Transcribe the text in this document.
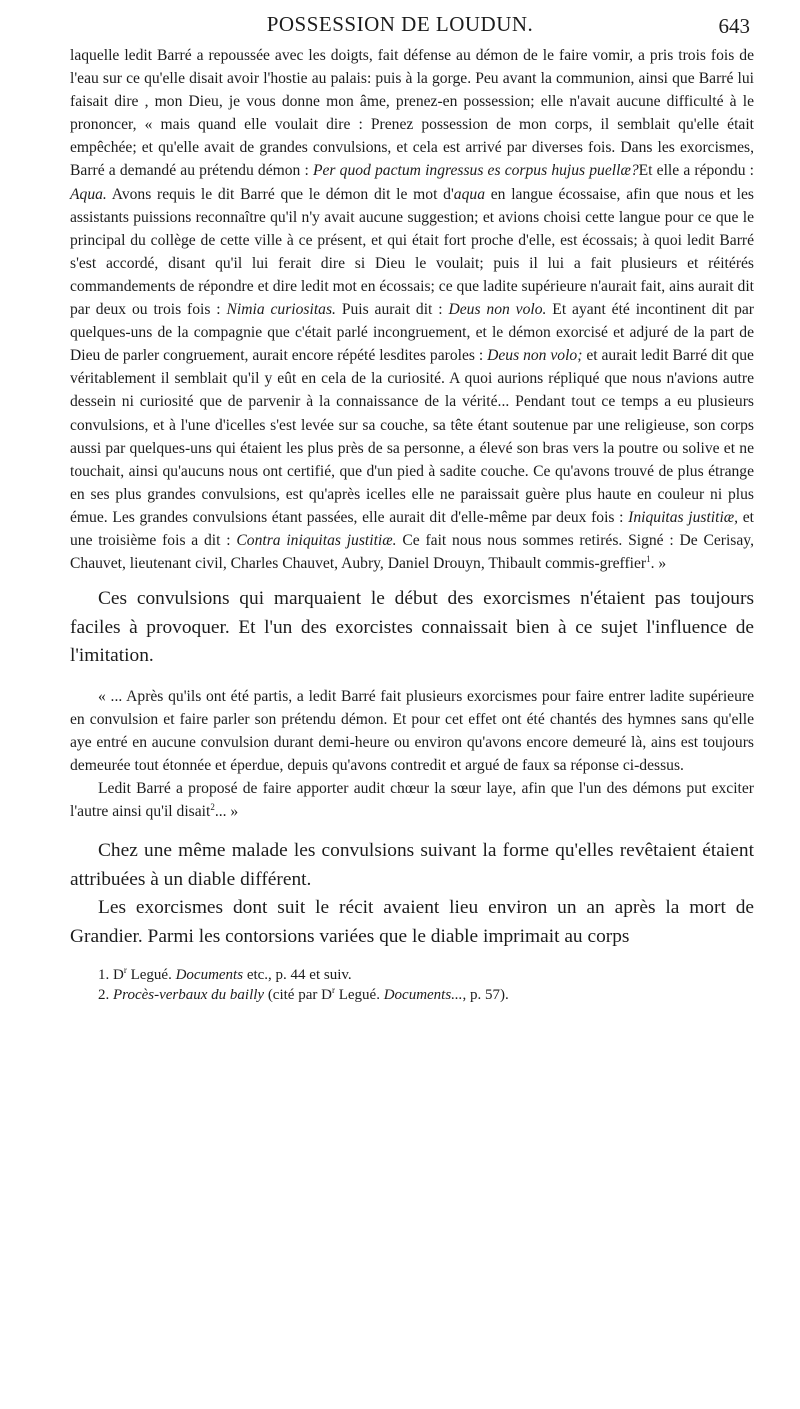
POSSESSION DE LOUDUN.	643

laquelle ledit Barré a repoussée avec les doigts, fait défense au démon de le faire vomir, a pris trois fois de l'eau sur ce qu'elle disait avoir l'hostie au palais: puis à la gorge. Peu avant la communion, ainsi que Barré lui faisait dire , mon Dieu, je vous donne mon âme, prenez-en possession; elle n'avait aucune difficulté à le prononcer, « mais quand elle voulait dire : Prenez possession de mon corps, il semblait qu'elle était empêchée; et qu'elle avait de grandes convulsions, et cela est arrivé par diverses fois. Dans les exorcismes, Barré a demandé au prétendu démon : Per quod pactum ingressus es corpus hujus puellæ?Et elle a répondu : Aqua. Avons requis le dit Barré que le démon dit le mot d'aqua en langue écossaise, afin que nous et les assistants puissions reconnaître qu'il n'y avait aucune suggestion; et avions choisi cette langue pour ce que le principal du collège de cette ville à ce présent, et qui était fort proche d'elle, est écossais; à quoi ledit Barré s'est accordé, disant qu'il lui ferait dire si Dieu le voulait; puis il lui a fait plusieurs et réitérés commandements de répondre et dire ledit mot en écossais; ce que ladite supérieure n'aurait fait, ains aurait dit par deux ou trois fois : Nimia curiositas. Puis aurait dit : Deus non volo. Et ayant été incontinent dit par quelques-uns de la compagnie que c'était parlé incongruement, et le démon exorcisé et adjuré de la part de Dieu de parler congruement, aurait encore répété lesdites paroles : Deus non volo; et aurait ledit Barré dit que véritablement il semblait qu'il y eût en cela de la curiosité. A quoi aurions répliqué que nous n'avions autre dessein ni curiosité que de parvenir à la connaissance de la vérité... Pendant tout ce temps a eu plusieurs convulsions, et à l'une d'icelles s'est levée sur sa couche, sa tête étant soutenue par une religieuse, son corps aussi par quelques-uns qui étaient les plus près de sa personne, a élevé son bras vers la poutre ou solive et ne touchait, ainsi qu'aucuns nous ont certifié, que d'un pied à sadite couche. Ce qu'avons trouvé de plus étrange en ses plus grandes convulsions, est qu'après icelles elle ne paraissait guère plus haute en couleur ni plus émue. Les grandes convulsions étant passées, elle aurait dit d'elle-même par deux fois : Iniquitas justitiæ, et une troisième fois a dit : Contra iniquitas justitiæ. Ce fait nous nous sommes retirés. Signé : De Cerisay, Chauvet, lieutenant civil, Charles Chauvet, Aubry, Daniel Drouyn, Thibault commis-greffier$^1$. »

Ces convulsions qui marquaient le début des exorcismes n'étaient pas toujours faciles à provoquer. Et l'un des exorcistes connaissait bien à ce sujet l'influence de l'imitation.

« ... Après qu'ils ont été partis, a ledit Barré fait plusieurs exorcismes pour faire entrer ladite supérieure en convulsion et faire parler son prétendu démon. Et pour cet effet ont été chantés des hymnes sans qu'elle aye entré en aucune convulsion durant demi-heure ou environ qu'avons encore demeuré là, ains est toujours demeurée tout étonnée et éperdue, depuis qu'avons contredit et argué de faux sa réponse ci-dessus.

Ledit Barré a proposé de faire apporter audit chœur la sœur laye, afin que l'un des démons put exciter l'autre ainsi qu'il disait$^2$... »

Chez une même malade les convulsions suivant la forme qu'elles revêtaient étaient attribuées à un diable différent.

Les exorcismes dont suit le récit avaient lieu environ un an après la mort de Grandier. Parmi les contorsions variées que le diable imprimait au corps

1. $D^r$ Legué. Documents etc., p. 44 et suiv.

2. Procès-verbaux du bailly (cité par $D^r$ Legué. Documents..., p. 57).
